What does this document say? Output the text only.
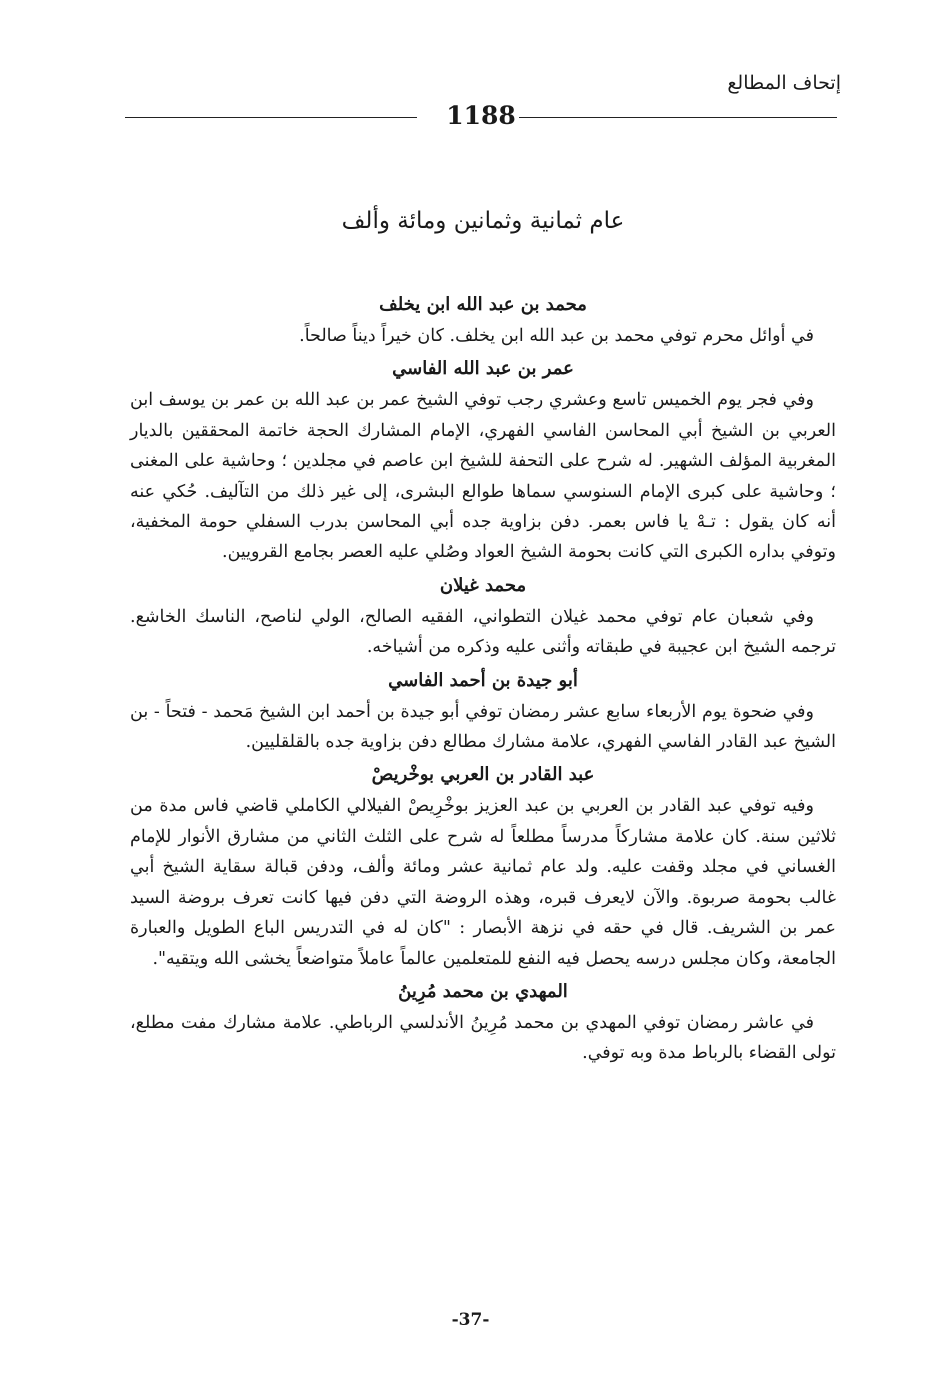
إتحاف المطالع
1188
عام ثمانية وثمانين ومائة وألف
محمد بن عبد الله ابن يخلف

في أوائل محرم توفي محمد بن عبد الله ابن يخلف. كان خيراً ديناً صالحاً.

عمر بن عبد الله الفاسي

وفي فجر يوم الخميس تاسع وعشري رجب توفي الشيخ عمر بن عبد الله بن عمر بن يوسف ابن العربي بن الشيخ أبي المحاسن الفاسي الفهري، الإمام المشارك الحجة خاتمة المحققين بالديار المغربية المؤلف الشهير. له شرح على التحفة للشيخ ابن عاصم في مجلدين ؛ وحاشية على المغنى ؛ وحاشية على كبرى الإمام السنوسي سماها طوالع البشرى، إلى غير ذلك من التآليف. حُكي عنه أنه كان يقول : تـهْ يا فاس بعمر. دفن بزاوية جده أبي المحاسن بدرب السفلي حومة المخفية، وتوفي بداره الكبرى التي كانت بحومة الشيخ العواد وصُلي عليه العصر بجامع القرويين.

محمد غيلان

وفي شعبان عام توفي محمد غيلان التطواني، الفقيه الصالح، الولي لناصح، الناسك الخاشع. ترجمه الشيخ ابن عجيبة في طبقاته وأثنى عليه وذكره من أشياخه.

أبو جيدة بن أحمد الفاسي

وفي ضحوة يوم الأربعاء سابع عشر رمضان توفي أبو جيدة بن أحمد ابن الشيخ مَحمد - فتحاً - بن الشيخ عبد القادر الفاسي الفهري، علامة مشارك مطالع دفن بزاوية جده بالقلقليين.

عبد القادر بن العربي بوخْريصْ

وفيه توفي عبد القادر بن العربي بن عبد العزيز بوخْرِيصْ الفيلالي الكاملي قاضي فاس مدة من ثلاثين سنة. كان علامة مشاركاً مدرساً مطلعاً له شرح على الثلث الثاني من مشارق الأنوار للإمام الغساني في مجلد وقفت عليه. ولد عام ثمانية عشر ومائة وألف، ودفن قبالة سقاية الشيخ أبي غالب بحومة صربوة. والآن لايعرف قبره، وهذه الروضة التي دفن فيها كانت تعرف بروضة السيد عمر بن الشريف. قال في حقه في نزهة الأبصار : "كان له في التدريس الباع الطويل والعبارة الجامعة، وكان مجلس درسه يحصل فيه النفع للمتعلمين عالماً عاملاً متواضعاً يخشى الله ويتقيه".

المهدي بن محمد مُرِينُ

في عاشر رمضان توفي المهدي بن محمد مُرِينُ الأندلسي الرباطي. علامة مشارك مفت مطلع، تولى القضاء بالرباط مدة وبه توفي.

-37-
